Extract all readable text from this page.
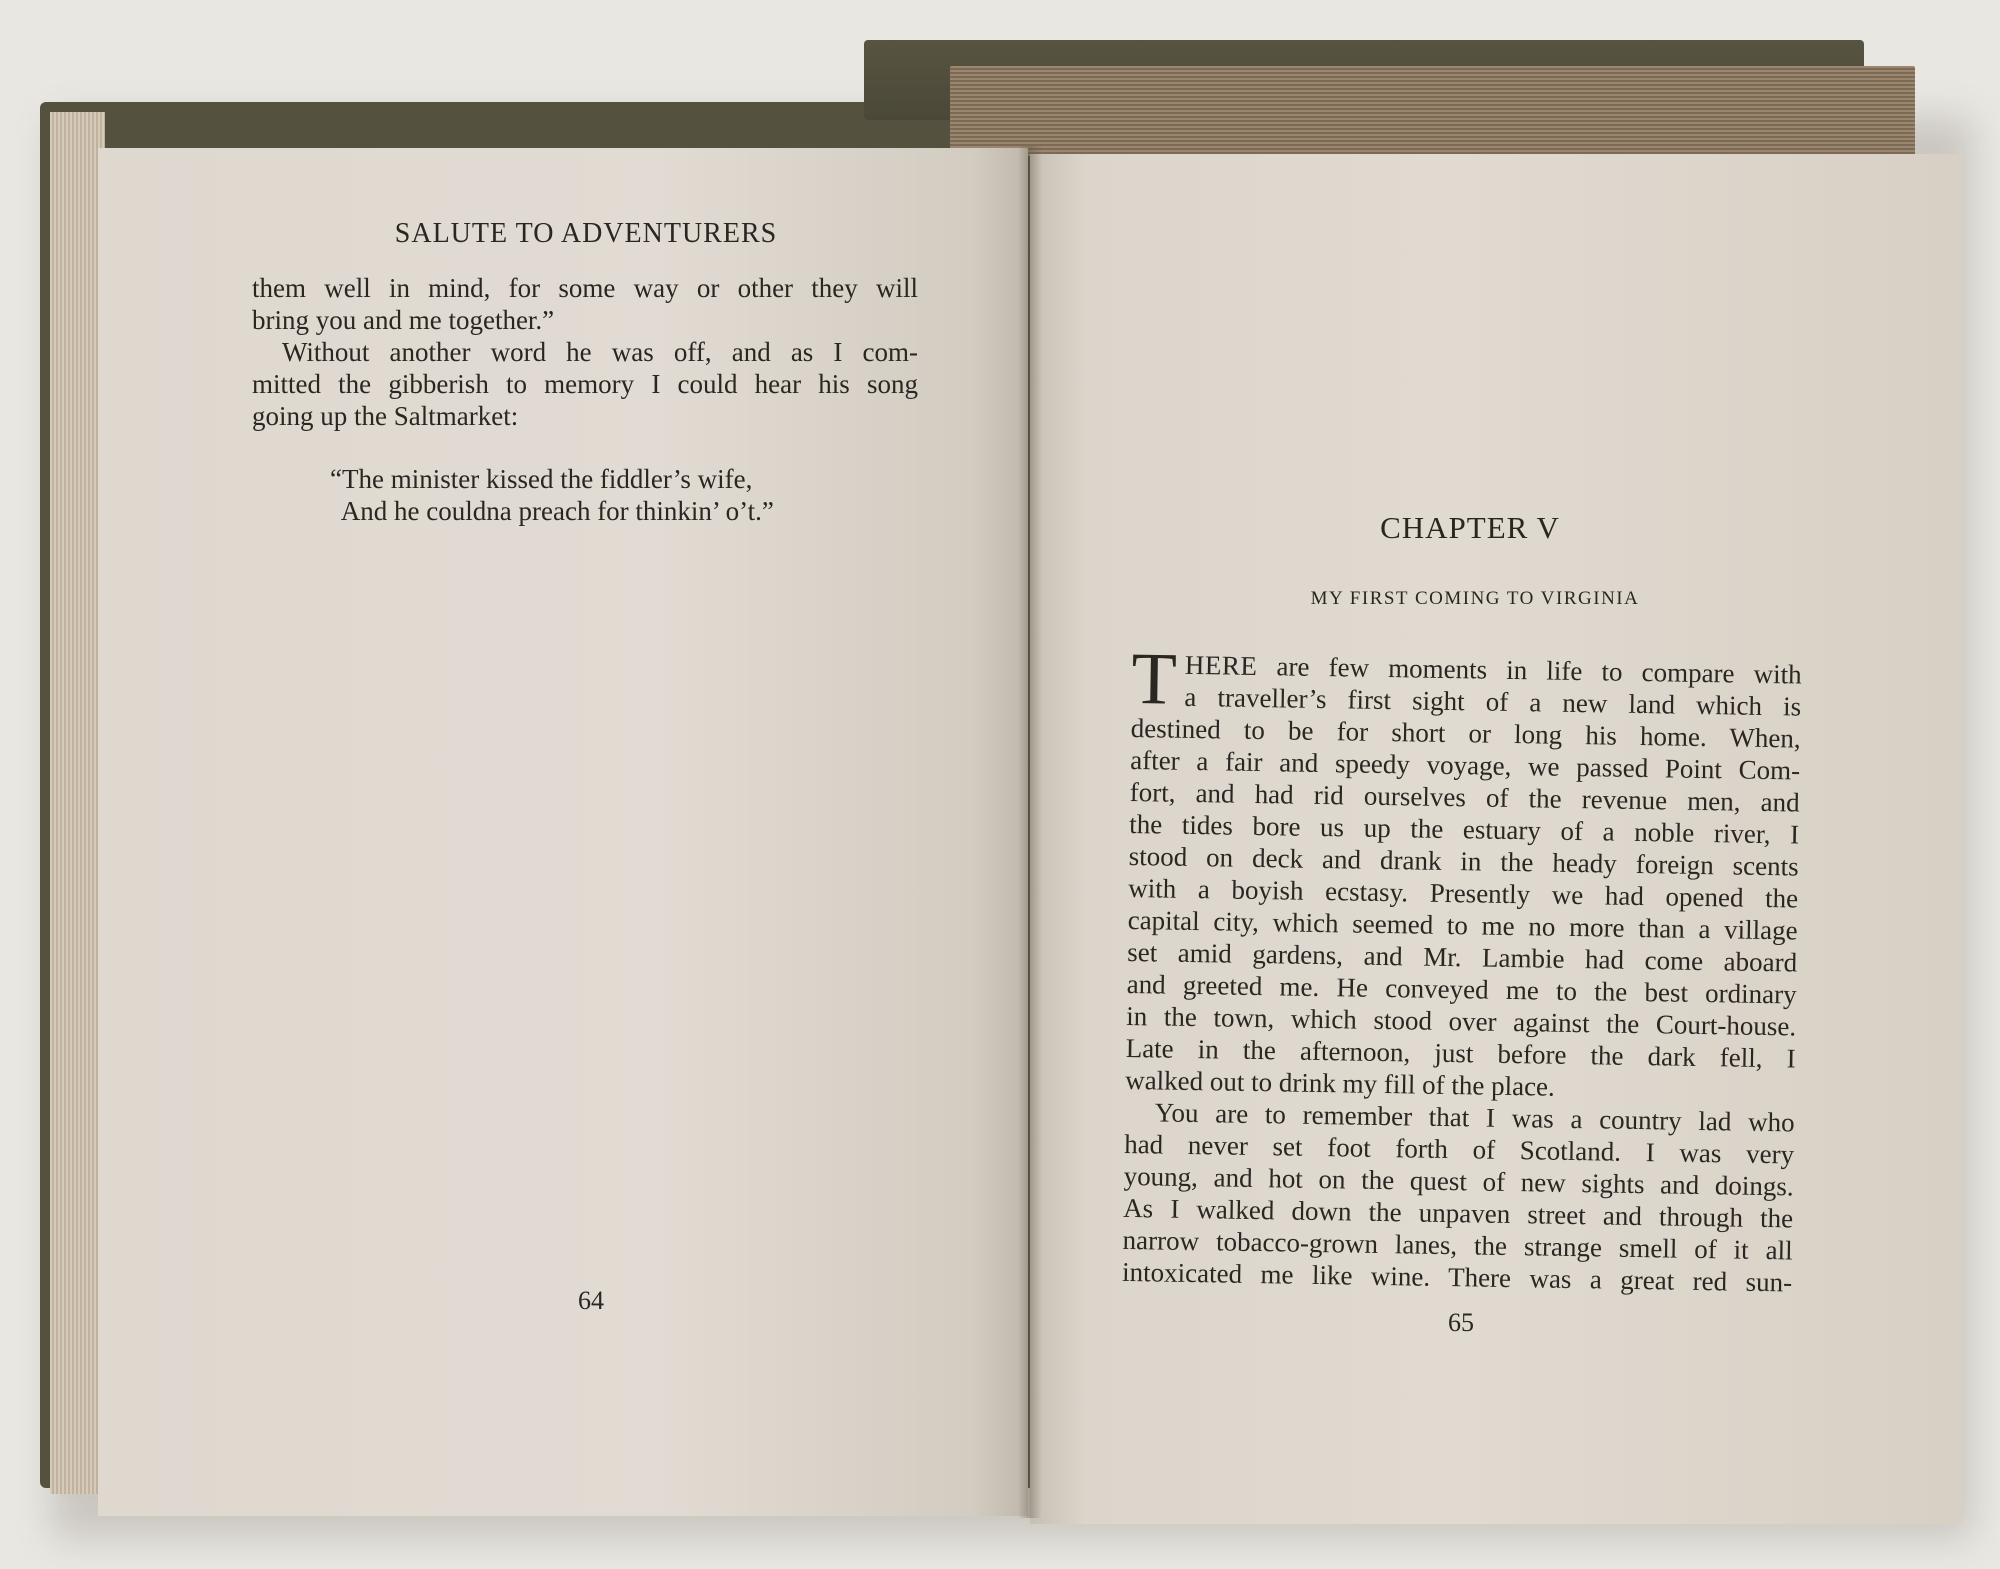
SALUTE TO ADVENTURERS

them well in mind, for some way or other they will

bring you and me together.”

Without another word he was off, and as I com-

mitted the gibberish to memory I could hear his song

going up the Saltmarket:

“The minister kissed the fiddler’s wife,
And he couldna preach for thinkin’ o’t.”
64
CHAPTER V
MY FIRST COMING TO VIRGINIA
T HERE are few moments in life to compare with

a traveller’s first sight of a new land which is

destined to be for short or long his home. When,

after a fair and speedy voyage, we passed Point Com-

fort, and had rid ourselves of the revenue men, and

the tides bore us up the estuary of a noble river, I

stood on deck and drank in the heady foreign scents

with a boyish ecstasy. Presently we had opened the

capital city, which seemed to me no more than a village

set amid gardens, and Mr. Lambie had come aboard

and greeted me. He conveyed me to the best ordinary

in the town, which stood over against the Court-house.

Late in the afternoon, just before the dark fell, I

walked out to drink my fill of the place.

You are to remember that I was a country lad who

had never set foot forth of Scotland. I was very

young, and hot on the quest of new sights and doings.

As I walked down the unpaven street and through the

narrow tobacco-grown lanes, the strange smell of it all

intoxicated me like wine. There was a great red sun-

65
